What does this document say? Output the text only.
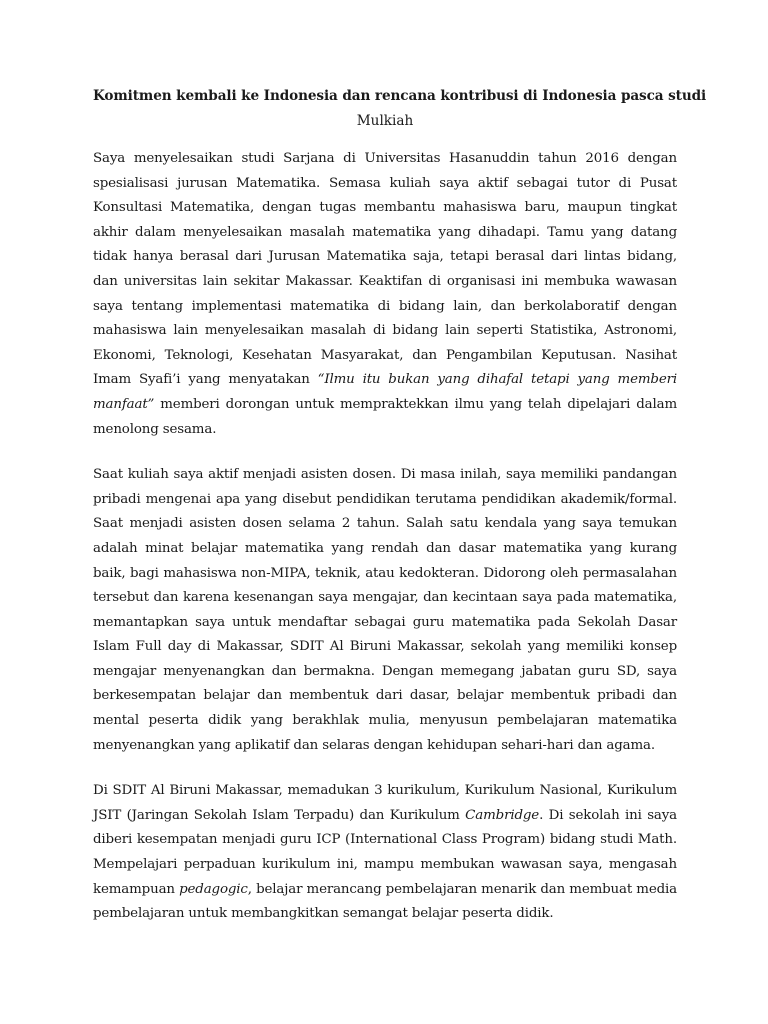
Komitmen kembali ke Indonesia dan rencana kontribusi di Indonesia pasca studi
Mulkiah

Saya menyelesaikan studi Sarjana di Universitas Hasanuddin tahun 2016 dengan spesialisasi jurusan Matematika. Semasa kuliah saya aktif sebagai tutor di Pusat Konsultasi Matematika, dengan tugas membantu mahasiswa baru, maupun tingkat akhir dalam menyelesaikan masalah matematika yang dihadapi. Tamu yang datang tidak hanya berasal dari Jurusan Matematika saja, tetapi berasal dari lintas bidang, dan universitas lain sekitar Makassar. Keaktifan di organisasi ini membuka wawasan saya tentang implementasi matematika di bidang lain, dan berkolaboratif dengan mahasiswa lain menyelesaikan masalah di bidang lain seperti Statistika, Astronomi, Ekonomi, Teknologi, Kesehatan Masyarakat, dan Pengambilan Keputusan. Nasihat Imam Syafi’i yang menyatakan “Ilmu itu bukan yang dihafal tetapi yang memberi manfaat” memberi dorongan untuk mempraktekkan ilmu yang telah dipelajari dalam menolong sesama.

Saat kuliah saya aktif menjadi asisten dosen. Di masa inilah, saya memiliki pandangan pribadi mengenai apa yang disebut pendidikan terutama pendidikan akademik/formal. Saat menjadi asisten dosen selama 2 tahun. Salah satu kendala yang saya temukan adalah minat belajar matematika yang rendah dan dasar matematika yang kurang baik, bagi mahasiswa non-MIPA, teknik, atau kedokteran. Didorong oleh permasalahan tersebut dan karena kesenangan saya mengajar, dan kecintaan saya pada matematika, memantapkan saya untuk mendaftar sebagai guru matematika pada Sekolah Dasar Islam Full day di Makassar, SDIT Al Biruni Makassar, sekolah yang memiliki konsep mengajar menyenangkan dan bermakna. Dengan memegang jabatan guru SD, saya berkesempatan belajar dan membentuk dari dasar, belajar membentuk pribadi dan mental peserta didik yang berakhlak mulia, menyusun pembelajaran matematika menyenangkan yang aplikatif dan selaras dengan kehidupan sehari-hari dan agama.

Di SDIT Al Biruni Makassar, memadukan 3 kurikulum, Kurikulum Nasional, Kurikulum JSIT (Jaringan Sekolah Islam Terpadu) dan Kurikulum Cambridge. Di sekolah ini saya diberi kesempatan menjadi guru ICP (International Class Program) bidang studi Math. Mempelajari perpaduan kurikulum ini, mampu membukan wawasan saya, mengasah kemampuan pedagogic, belajar merancang pembelajaran menarik dan membuat media pembelajaran untuk membangkitkan semangat belajar peserta didik.
